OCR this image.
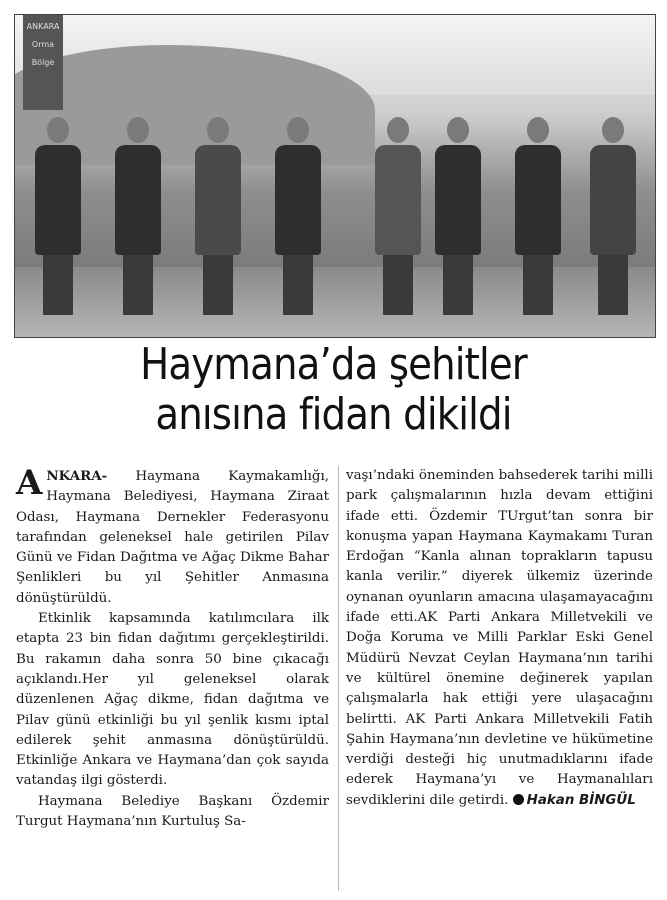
ANKARA
Orma
Bölge
Haymana’da şehitler
anısına fidan dikildi

ANKARA- Haymana Kaymakamlığı, Haymana Belediyesi, Haymana Ziraat Odası, Haymana Dernekler Federasyonu tarafından geleneksel hale getirilen Pilav Günü ve Fidan Dağıtma ve Ağaç Dikme Bahar Şenlikleri bu yıl Şehitler Anmasına dönüştürüldü.

Etkinlik kapsamında katılımcılara ilk etapta 23 bin fidan dağıtımı gerçekleştirildi. Bu rakamın daha sonra 50 bine çıkacağı açıklandı.Her yıl geleneksel olarak düzenlenen Ağaç dikme, fidan dağıtma ve Pilav günü etkinliği bu yıl şenlik kısmı iptal edilerek şehit anmasına dönüştürüldü. Etkinliğe Ankara ve Haymana’dan çok sayıda vatandaş ilgi gösterdi.

Haymana Belediye Başkanı Özdemir Turgut Haymana’nın Kurtuluş Sa-

vaşı’ndaki öneminden bahsederek tarihi milli park çalışmalarının hızla devam ettiğini ifade etti. Özdemir TUrgut’tan sonra bir konuşma yapan Haymana Kaymakamı Turan Erdoğan “Kanla alınan toprakların tapusu kanla verilir.” diyerek ülkemiz üzerinde oynanan oyunların amacına ulaşamayacağını ifade etti.AK Parti Ankara Milletvekili ve Doğa Koruma ve Milli Parklar Eski Genel Müdürü Nevzat Ceylan Haymana’nın tarihi ve kültürel önemine değinerek yapılan çalışmalarla hak ettiği yere ulaşacağını belirtti. AK Parti Ankara Milletvekili Fatih Şahin Haymana’nın devletine ve hükümetine verdiği desteği hiç unutmadıklarını ifade ederek Haymana’yı ve Haymanalıları sevdiklerini dile getirdi. Hakan BİNGÜL
